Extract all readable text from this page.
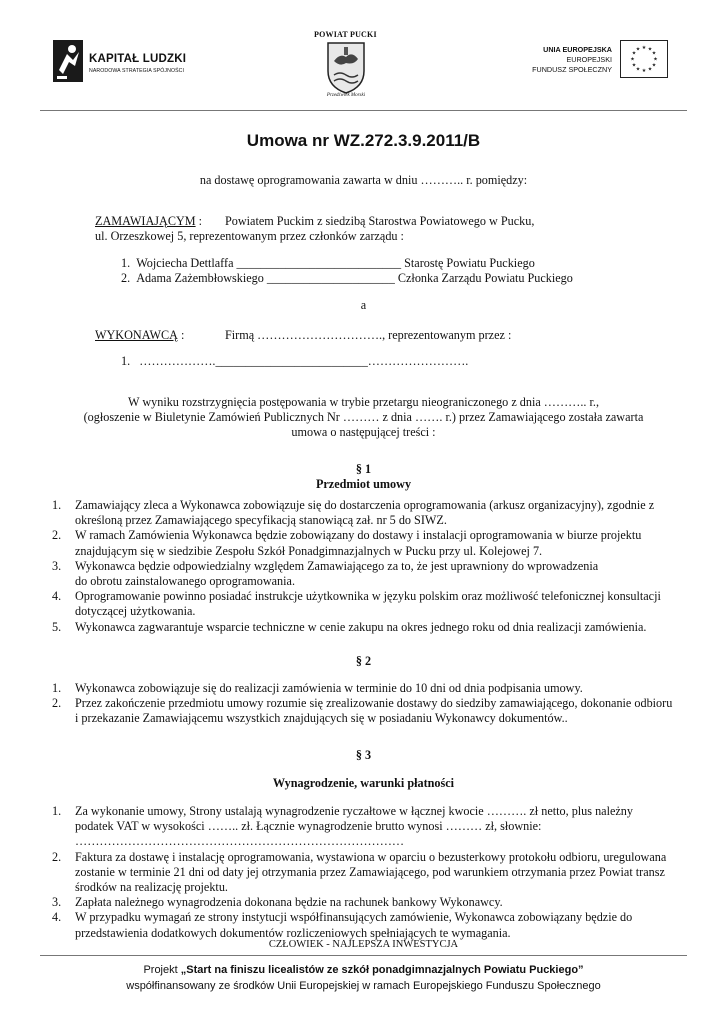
KAPITAŁ LUDZKI
NARODOWA STRATEGIA SPÓJNOŚCI
POWIAT PUCKI
Przedźwiek Morski
UNIA EUROPEJSKA
EUROPEJSKI
FUNDUSZ SPOŁECZNY
★ ★
★
★
★
★
★
★
★
★
★
★
Umowa nr WZ.272.3.9.2011/B
na dostawę oprogramowania zawarta w dniu ……….. r. pomiędzy:
ZAMAWIAJĄCYM : Powiatem Puckim z siedzibą Starostwa Powiatowego w Pucku,
ul. Orzeszkowej 5, reprezentowanym przez członków zarządu :
1. Wojciecha Dettlaffa ___________________________ Starostę Powiatu Puckiego
2. Adama Zażembłowskiego _____________________ Członka Zarządu Powiatu Puckiego
a
WYKONAWCĄ :	Firmą …………………………., reprezentowanym przez :
1. ………………._________________________…………………….
W wyniku rozstrzygnięcia postępowania w trybie przetargu nieograniczonego z dnia ……….. r.,
(ogłoszenie w Biuletynie Zamówień Publicznych Nr ……… z dnia ……. r.) przez Zamawiającego została zawarta
umowa o następującej treści :
§ 1
Przedmiot umowy
1. Zamawiający zleca a Wykonawca zobowiązuje się do dostarczenia oprogramowania (arkusz organizacyjny), zgodnie z
określoną przez Zamawiającego specyfikacją stanowiącą zał. nr 5 do SIWZ.
2. W ramach Zamówienia Wykonawca będzie zobowiązany do dostawy i instalacji oprogramowania w biurze projektu
znajdującym się w siedzibie Zespołu Szkół Ponadgimnazjalnych w Pucku przy ul. Kolejowej 7.
3. Wykonawca będzie odpowiedzialny względem Zamawiającego za to, że jest uprawniony do wprowadzenia
do obrotu zainstalowanego oprogramowania.
4. Oprogramowanie powinno posiadać instrukcje użytkownika w języku polskim oraz możliwość telefonicznej konsultacji
dotyczącej użytkowania.
5. Wykonawca zagwarantuje wsparcie techniczne w cenie zakupu na okres jednego roku od dnia realizacji zamówienia.
§ 2
1. Wykonawca zobowiązuje się do realizacji zamówienia w terminie do 10 dni od dnia podpisania umowy.
2. Przez zakończenie przedmiotu umowy rozumie się zrealizowanie dostawy do siedziby zamawiającego, dokonanie odbioru
i przekazanie Zamawiającemu wszystkich znajdujących się w posiadaniu Wykonawcy dokumentów..
§ 3
Wynagrodzenie, warunki płatności
1. Za wykonanie umowy, Strony ustalają wynagrodzenie ryczałtowe w łącznej kwocie ………. zł netto, plus należny
podatek VAT w wysokości …….. zł. Łącznie wynagrodzenie brutto wynosi ……… zł, słownie:
………………………………………………………………………
2. Faktura za dostawę i instalację oprogramowania, wystawiona w oparciu o bezusterkowy protokołu odbioru, uregulowana
zostanie w terminie 21 dni od daty jej otrzymania przez Zamawiającego, pod warunkiem otrzymania przez Powiat transz
środków na realizację projektu.
3. Zapłata należnego wynagrodzenia dokonana będzie na rachunek bankowy Wykonawcy.
4. W przypadku wymagań ze strony instytucji współfinansujących zamówienie, Wykonawca zobowiązany będzie do
przedstawienia dodatkowych dokumentów rozliczeniowych spełniających te wymagania.
CZŁOWIEK - NAJLEPSZA INWESTYCJA
Projekt „Start na finiszu licealistów ze szkół ponadgimnazjalnych Powiatu Puckiego”
współfinansowany ze środków Unii Europejskiej w ramach Europejskiego Funduszu Społecznego
